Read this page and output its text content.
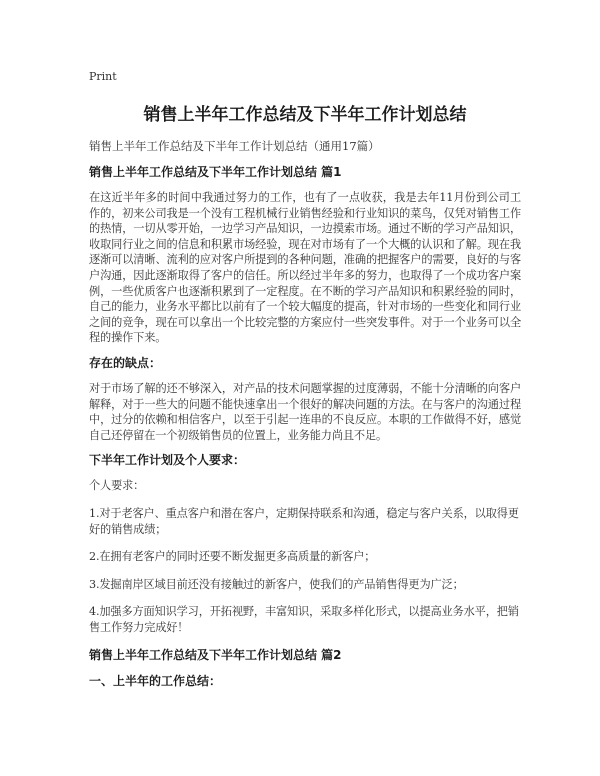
Print
销售上半年工作总结及下半年工作计划总结
销售上半年工作总结及下半年工作计划总结（通用17篇）
销售上半年工作总结及下半年工作计划总结 篇1
在这近半年多的时间中我通过努力的工作，也有了一点收获，我是去年11月份到公司工作的，初来公司我是一个没有工程机械行业销售经验和行业知识的菜鸟，仅凭对销售工作的热情，一切从零开始，一边学习产品知识，一边摸索市场。通过不断的学习产品知识，收取同行业之间的信息和积累市场经验，现在对市场有了一个大概的认识和了解。现在我逐渐可以清晰、流利的应对客户所提到的各种问题，准确的把握客户的需要，良好的与客户沟通，因此逐渐取得了客户的信任。所以经过半年多的努力，也取得了一个成功客户案例，一些优质客户也逐渐积累到了一定程度。在不断的学习产品知识和积累经验的同时，自己的能力，业务水平都比以前有了一个较大幅度的提高，针对市场的一些变化和同行业之间的竞争，现在可以拿出一个比较完整的方案应付一些突发事件。对于一个业务可以全程的操作下来。
存在的缺点：
对于市场了解的还不够深入，对产品的技术问题掌握的过度薄弱，不能十分清晰的向客户解释，对于一些大的问题不能快速拿出一个很好的解决问题的方法。在与客户的沟通过程中，过分的依赖和相信客户，以至于引起一连串的不良反应。本职的工作做得不好，感觉自己还停留在一个初级销售员的位置上，业务能力尚且不足。
下半年工作计划及个人要求：
个人要求：
1.对于老客户、重点客户和潜在客户，定期保持联系和沟通，稳定与客户关系，以取得更好的销售成绩；
2.在拥有老客户的同时还要不断发掘更多高质量的新客户；
3.发掘南岸区域目前还没有接触过的新客户，使我们的产品销售得更为广泛；
4.加强多方面知识学习，开拓视野，丰富知识，采取多样化形式，以提高业务水平，把销售工作努力完成好！
销售上半年工作总结及下半年工作计划总结 篇2
一、上半年的工作总结：
